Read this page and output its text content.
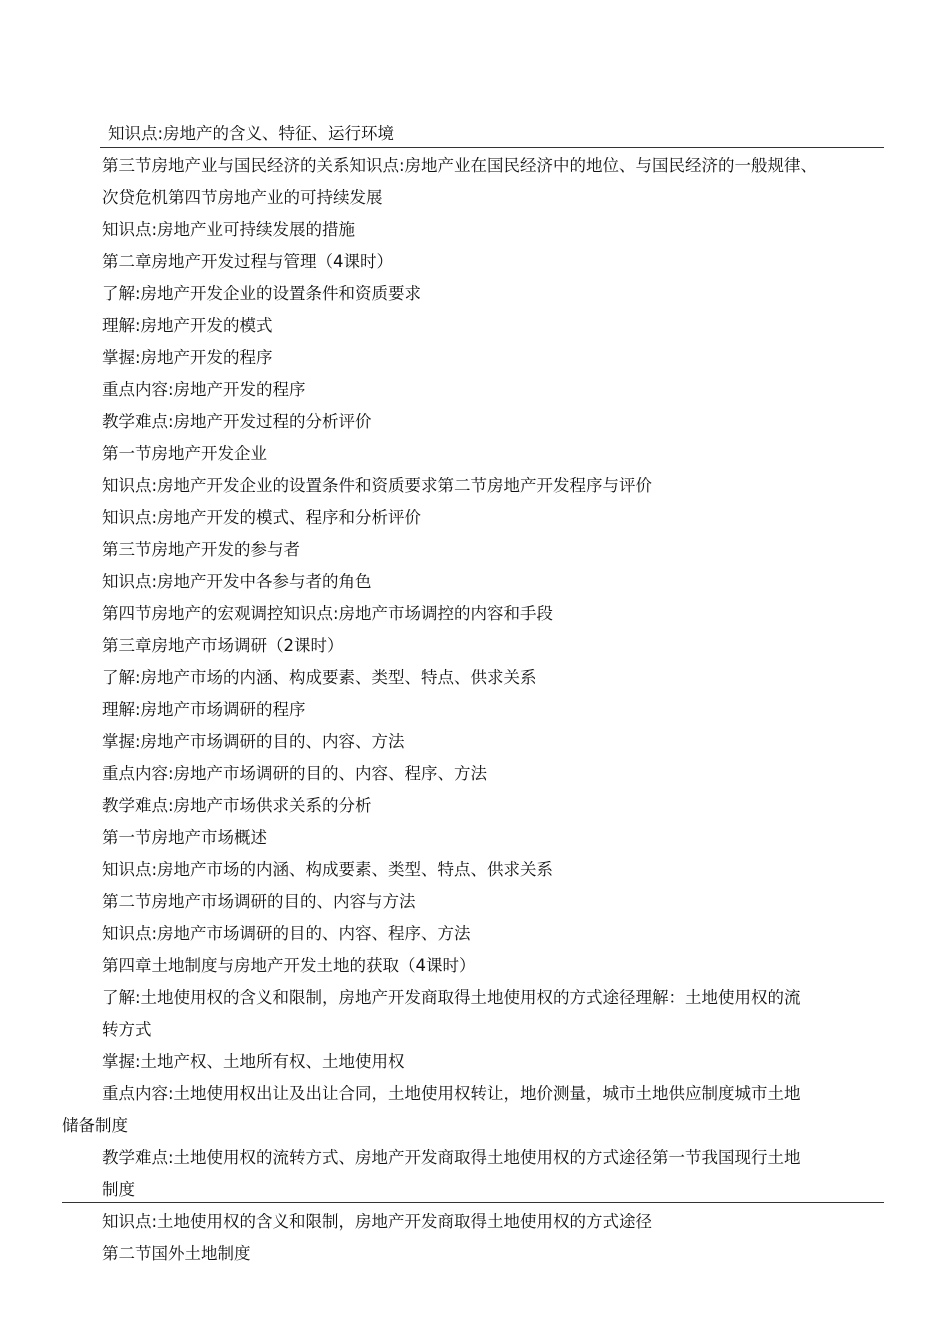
知识点:房地产的含义、特征、运行环境
第三节房地产业与国民经济的关系知识点:房地产业在国民经济中的地位、与国民经济的一般规律、
次贷危机第四节房地产业的可持续发展
知识点:房地产业可持续发展的措施
第二章房地产开发过程与管理（4课时）
了解:房地产开发企业的设置条件和资质要求
理解:房地产开发的模式
掌握:房地产开发的程序
重点内容:房地产开发的程序
教学难点:房地产开发过程的分析评价
第一节房地产开发企业
知识点:房地产开发企业的设置条件和资质要求第二节房地产开发程序与评价
知识点:房地产开发的模式、程序和分析评价
第三节房地产开发的参与者
知识点:房地产开发中各参与者的角色
第四节房地产的宏观调控知识点:房地产市场调控的内容和手段
第三章房地产市场调研（2课时）
了解:房地产市场的内涵、构成要素、类型、特点、供求关系
理解:房地产市场调研的程序
掌握:房地产市场调研的目的、内容、方法
重点内容:房地产市场调研的目的、内容、程序、方法
教学难点:房地产市场供求关系的分析
第一节房地产市场概述
知识点:房地产市场的内涵、构成要素、类型、特点、供求关系
第二节房地产市场调研的目的、内容与方法
知识点:房地产市场调研的目的、内容、程序、方法
第四章土地制度与房地产开发土地的获取（4课时）
了解:土地使用权的含义和限制，房地产开发商取得土地使用权的方式途径理解：土地使用权的流
转方式
掌握:土地产权、土地所有权、土地使用权
重点内容:土地使用权出让及出让合同，土地使用权转让，地价测量，城市土地供应制度城市土地
储备制度
教学难点:土地使用权的流转方式、房地产开发商取得土地使用权的方式途径第一节我国现行土地
制度
知识点:土地使用权的含义和限制，房地产开发商取得土地使用权的方式途径
第二节国外土地制度
